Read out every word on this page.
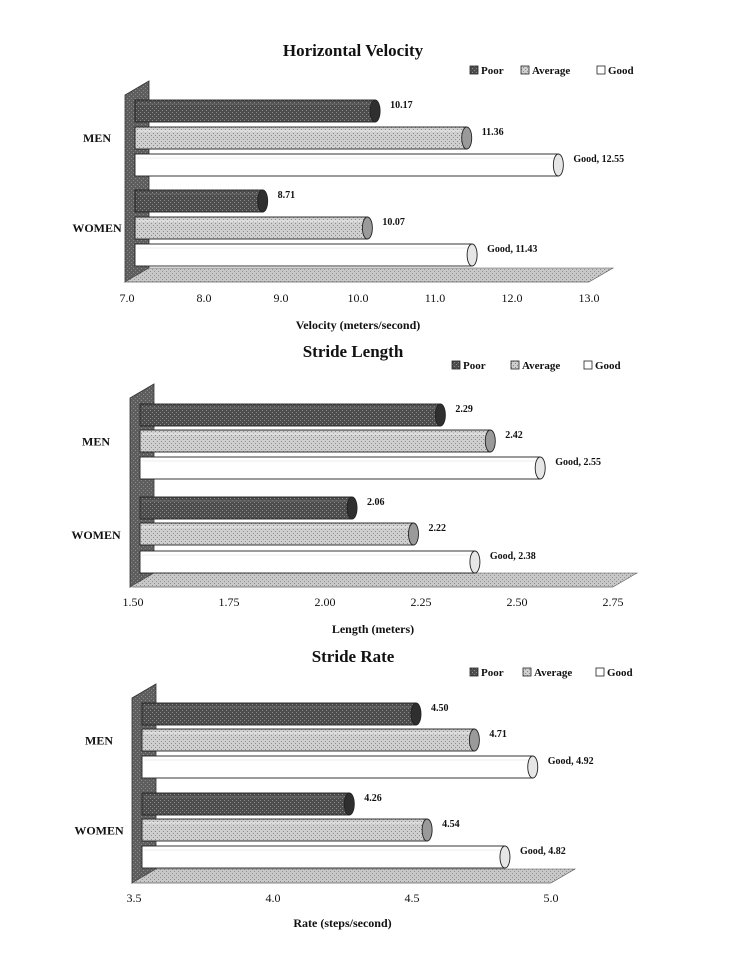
Horizontal Velocity
Poor	Average	Good
7.0	8.0	9.0	10.0	11.0	12.0	13.0
Velocity (meters/second)
MEN
WOMEN
10.17
11.36
Good, 12.55
8.71
10.07
Good, 11.43
Stride Length
Poor	Average	Good
1.50	1.75	2.00	2.25	2.50	2.75
Length (meters)
MEN
WOMEN
2.29
2.42
Good, 2.55
2.06
2.22
Good, 2.38
Stride Rate
Poor	Average	Good
3.5	4.0	4.5	5.0
Rate (steps/second)
MEN
WOMEN
4.50
4.71
Good, 4.92
4.26
4.54
Good, 4.82
